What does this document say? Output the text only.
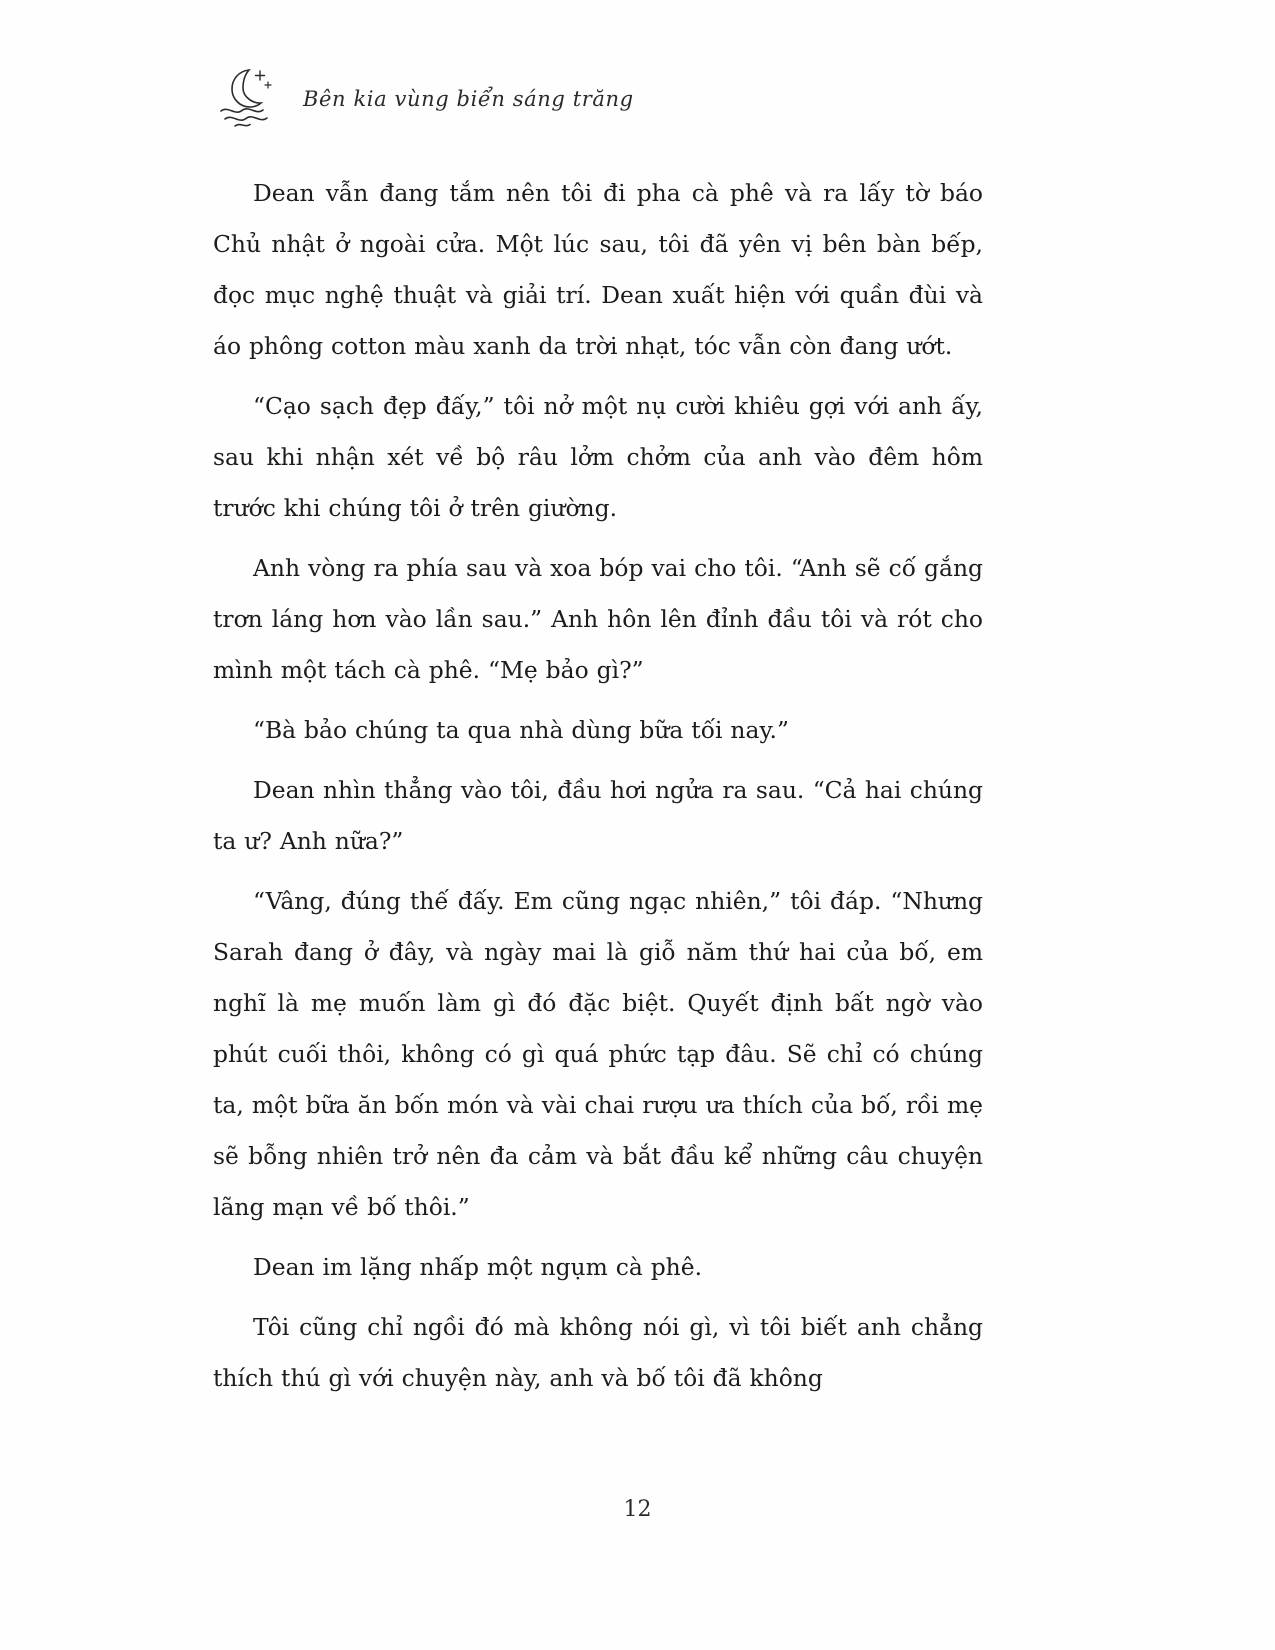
Bên kia vùng biển sáng trăng

Dean vẫn đang tắm nên tôi đi pha cà phê và ra lấy tờ báo Chủ nhật ở ngoài cửa. Một lúc sau, tôi đã yên vị bên bàn bếp, đọc mục nghệ thuật và giải trí. Dean xuất hiện với quần đùi và áo phông cotton màu xanh da trời nhạt, tóc vẫn còn đang ướt.

“Cạo sạch đẹp đấy,” tôi nở một nụ cười khiêu gợi với anh ấy, sau khi nhận xét về bộ râu lởm chởm của anh vào đêm hôm trước khi chúng tôi ở trên giường.

Anh vòng ra phía sau và xoa bóp vai cho tôi. “Anh sẽ cố gắng trơn láng hơn vào lần sau.” Anh hôn lên đỉnh đầu tôi và rót cho mình một tách cà phê. “Mẹ bảo gì?”

“Bà bảo chúng ta qua nhà dùng bữa tối nay.”

Dean nhìn thẳng vào tôi, đầu hơi ngửa ra sau. “Cả hai chúng ta ư? Anh nữa?”

“Vâng, đúng thế đấy. Em cũng ngạc nhiên,” tôi đáp. “Nhưng Sarah đang ở đây, và ngày mai là giỗ năm thứ hai của bố, em nghĩ là mẹ muốn làm gì đó đặc biệt. Quyết định bất ngờ vào phút cuối thôi, không có gì quá phức tạp đâu. Sẽ chỉ có chúng ta, một bữa ăn bốn món và vài chai rượu ưa thích của bố, rồi mẹ sẽ bỗng nhiên trở nên đa cảm và bắt đầu kể những câu chuyện lãng mạn về bố thôi.”

Dean im lặng nhấp một ngụm cà phê.

Tôi cũng chỉ ngồi đó mà không nói gì, vì tôi biết anh chẳng thích thú gì với chuyện này, anh và bố tôi đã không

12
